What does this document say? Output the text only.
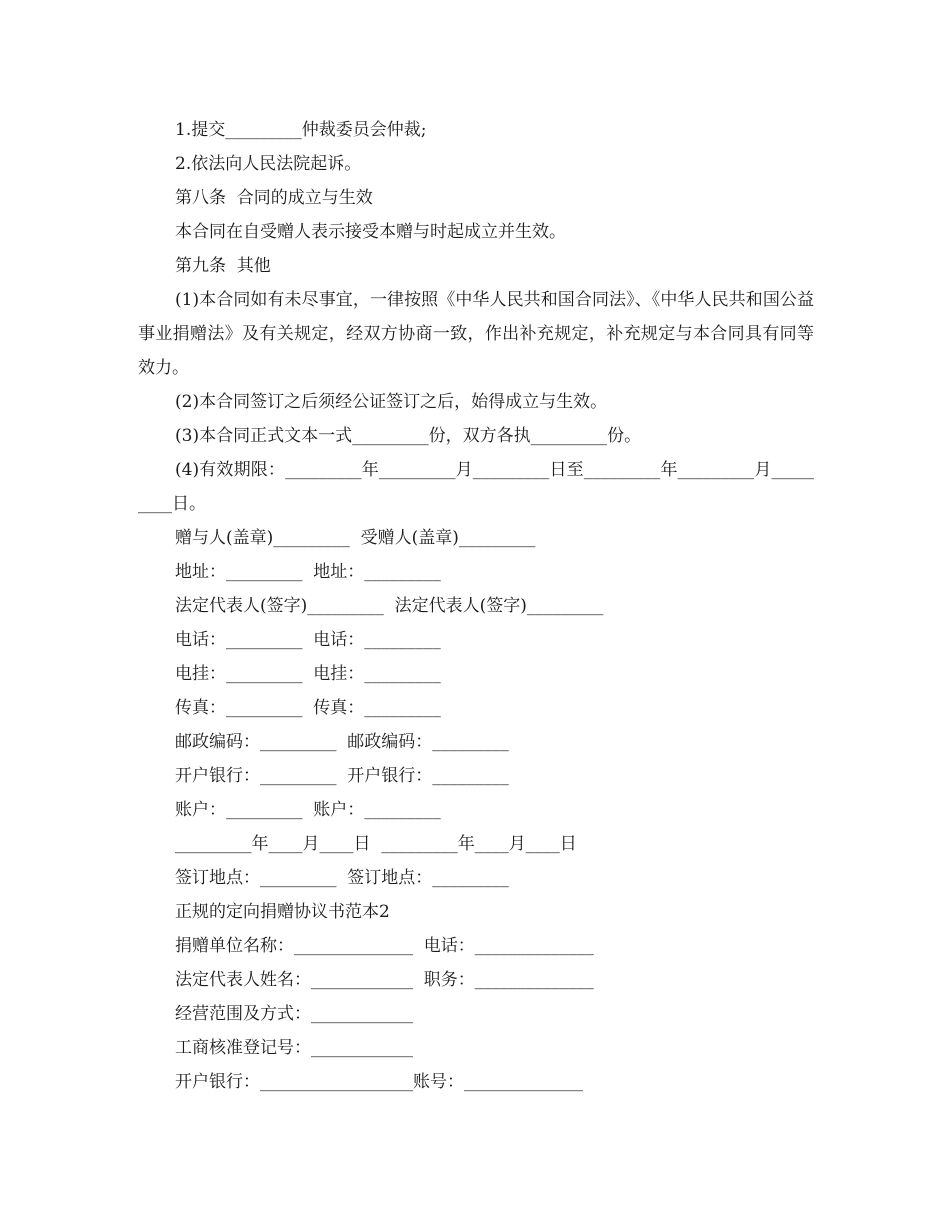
1.提交_________仲裁委员会仲裁;
2.依法向人民法院起诉。
第八条  合同的成立与生效
本合同在自受赠人表示接受本赠与时起成立并生效。
第九条  其他
(1)本合同如有未尽事宜，一律按照《中华人民共和国合同法》、《中华人民共和国公益事业捐赠法》及有关规定，经双方协商一致，作出补充规定，补充规定与本合同具有同等效力。
(2)本合同签订之后须经公证签订之后，始得成立与生效。
(3)本合同正式文本一式_________份，双方各执_________份。
(4)有效期限：_________年_________月_________日至_________年_________月_________日。
赠与人(盖章)_________  受赠人(盖章)_________
地址：_________  地址：_________
法定代表人(签字)_________  法定代表人(签字)_________
电话：_________  电话：_________
电挂：_________  电挂：_________
传真：_________  传真：_________
邮政编码：_________  邮政编码：_________
开户银行：_________  开户银行：_________
账户：_________  账户：_________
_________年____月____日  _________年____月____日
签订地点：_________  签订地点：_________
正规的定向捐赠协议书范本2
捐赠单位名称：______________  电话：______________
法定代表人姓名：____________  职务：______________
经营范围及方式：____________
工商核准登记号：____________
开户银行：__________________账号：______________
